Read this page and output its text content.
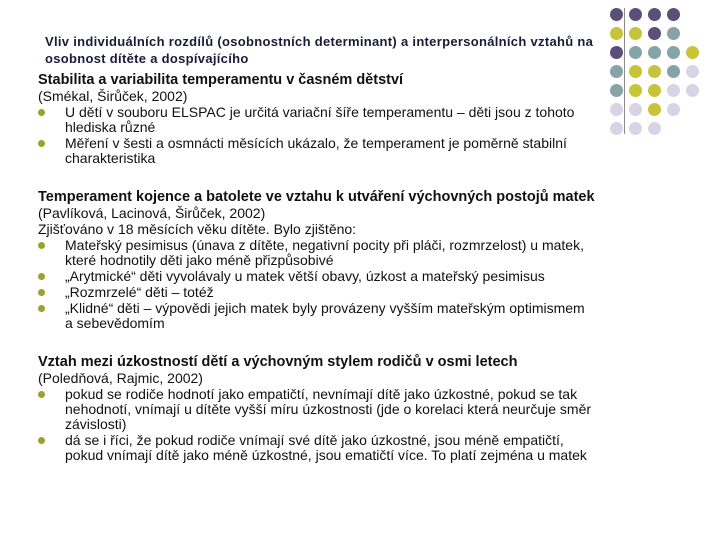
Vliv individuálních rozdílů (osobnostních determinant) a interpersonálních vztahů na
osobnost dítěte a dospívajícího
Stabilita a variabilita temperamentu v časném dětství
(Smékal, Širůček, 2002)
U dětí v souboru ELSPAC je určitá variační šíře temperamentu – děti jsou z tohoto
hlediska různé
Měření v šesti a osmnácti měsících ukázalo, že temperament je poměrně stabilní
charakteristika
Temperament kojence a batolete ve vztahu k utváření výchovných postojů matek
(Pavlíková, Lacinová, Širůček, 2002)
Zjišťováno v 18 měsících věku dítěte. Bylo zjištěno:
Mateřský pesimisus (únava z dítěte, negativní pocity při pláči, rozmrzelost) u matek,
které hodnotily děti jako méně přizpůsobivé
„Arytmické“ děti vyvolávaly u matek větší obavy, úzkost a mateřský pesimisus
„Rozmrzelé“ děti – totéž
„Klidné“ děti – výpovědi jejich matek byly provázeny vyšším mateřským optimismem
a sebevědomím
Vztah mezi úzkostností dětí a výchovným stylem rodičů v osmi letech
(Poledňová, Rajmic, 2002)
pokud se rodiče hodnotí jako empatičtí, nevnímají dítě jako úzkostné, pokud se tak
nehodnotí, vnímají u dítěte vyšší míru úzkostnosti (jde o korelaci která neurčuje směr
závislosti)
dá se i říci, že pokud rodiče vnímají své dítě jako úzkostné, jsou méně empatičtí,
pokud vnímají dítě jako méně úzkostné, jsou ematičtí více. To platí zejména u matek
